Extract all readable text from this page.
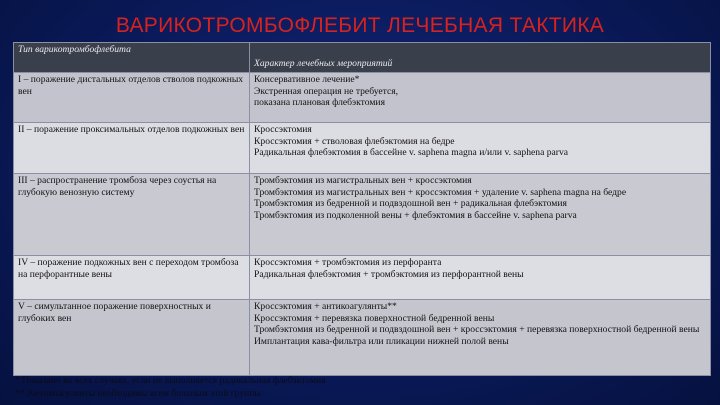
ВАРИКОТРОМБОФЛЕБИТ ЛЕЧЕБНАЯ ТАКТИКА
Тип варикотромбофлебита	Характер лечебных мероприятий
I – поражение дистальных отделов стволов подкожных вен	Консервативное лечение*
Экстренная операция не требуется,
показана плановая флебэктомия

II – поражение проксимальных отделов подкожных вен	Кроссэктомия
Кроссэктомия + стволовая флебэктомия на бедре
Радикальная флебэктомия в бассейне v. saphena magna и/или v. saphena parva

III – распространение тромбоза через соустья на глубокую венозную систему	Тромбэктомия из магистральных вен + кроссэктомия
Тромбэктомия из магистральных вен + кроссэктомия + удаление v. saphena magna на бедре
Тромбэктомия из бедренной и подвздошной вен + радикальная флебэктомия
Тромбэктомия из подколенной вены + флебэктомия в бассейне v. saphena parva

IV – поражение подкожных вен с переходом тромбоза на перфорантные вены	Кроссэктомия + тромбэктомия из перфоранта
Радикальная флебэктомия + тромбэктомия из перфорантной вены

V – симультанное поражение поверхностных и глубоких вен	Кроссэктомия + антикоагулянты**
Кроссэктомия + перевязка поверхностной бедренной вены
Тромбэктомия из бедренной и подвздошной вен + кроссэктомия + перевязка поверхностной бедренной вены
Имплантация кава-фильтра или пликации нижней полой вены
* Показано во всех случаях, если не выполняется радикальная флебэктомия
** Антикоагулянты необходимы всем больным этой группы
